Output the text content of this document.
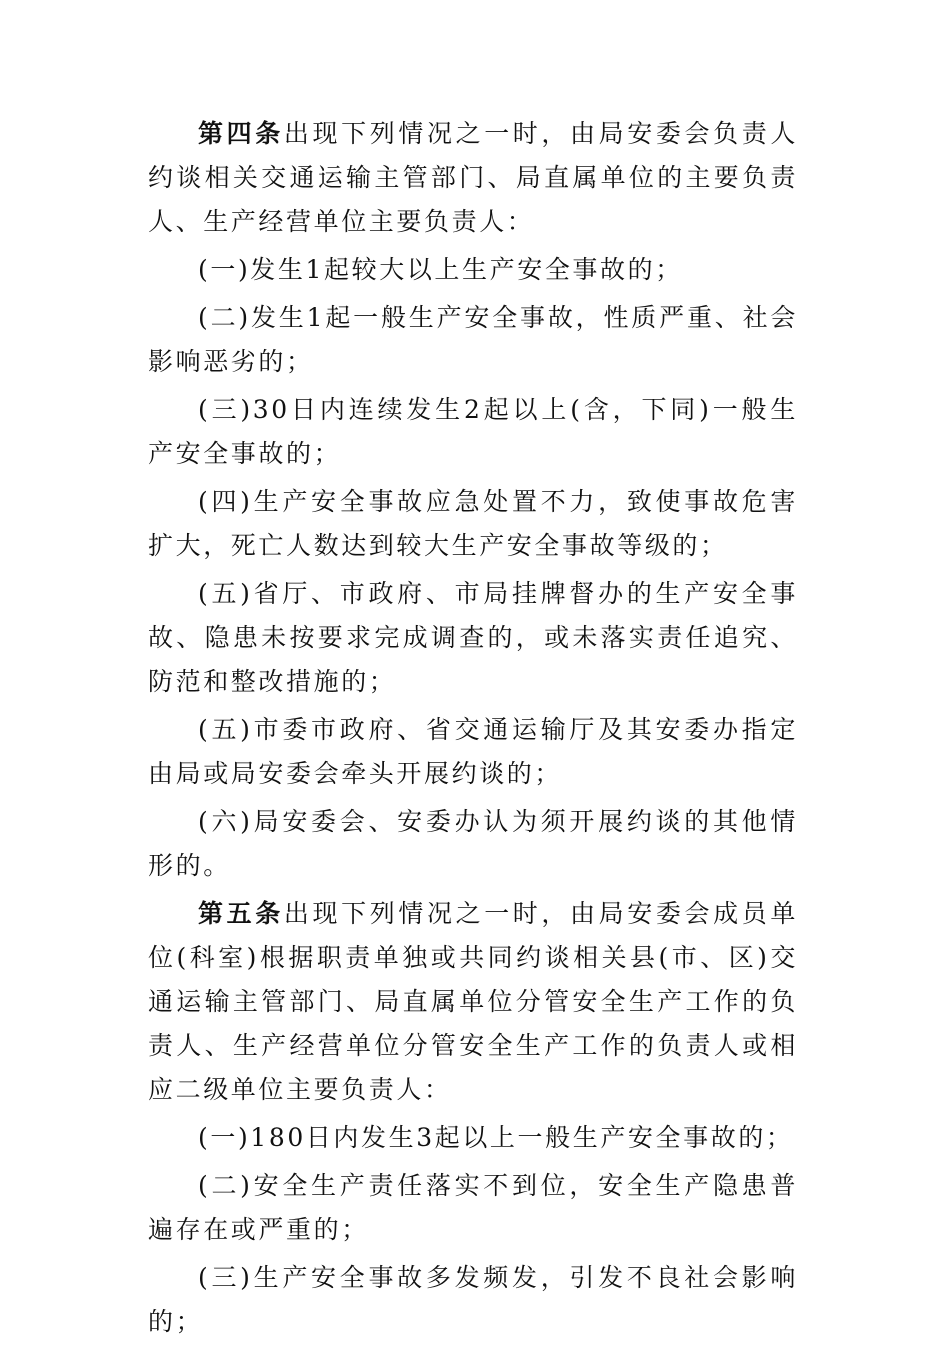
第四条出现下列情况之一时，由局安委会负责人约谈相关交通运输主管部门、局直属单位的主要负责人、生产经营单位主要负责人：

(一)发生1起较大以上生产安全事故的；

(二)发生1起一般生产安全事故，性质严重、社会影响恶劣的；

(三)30日内连续发生2起以上(含，下同)一般生产安全事故的；

(四)生产安全事故应急处置不力，致使事故危害扩大，死亡人数达到较大生产安全事故等级的；

(五)省厅、市政府、市局挂牌督办的生产安全事故、隐患未按要求完成调查的，或未落实责任追究、防范和整改措施的；

(五)市委市政府、省交通运输厅及其安委办指定由局或局安委会牵头开展约谈的；

(六)局安委会、安委办认为须开展约谈的其他情形的。

第五条出现下列情况之一时，由局安委会成员单位(科室)根据职责单独或共同约谈相关县(市、区)交通运输主管部门、局直属单位分管安全生产工作的负责人、生产经营单位分管安全生产工作的负责人或相应二级单位主要负责人：

(一)180日内发生3起以上一般生产安全事故的；

(二)安全生产责任落实不到位，安全生产隐患普遍存在或严重的；

(三)生产安全事故多发频发，引发不良社会影响的；
